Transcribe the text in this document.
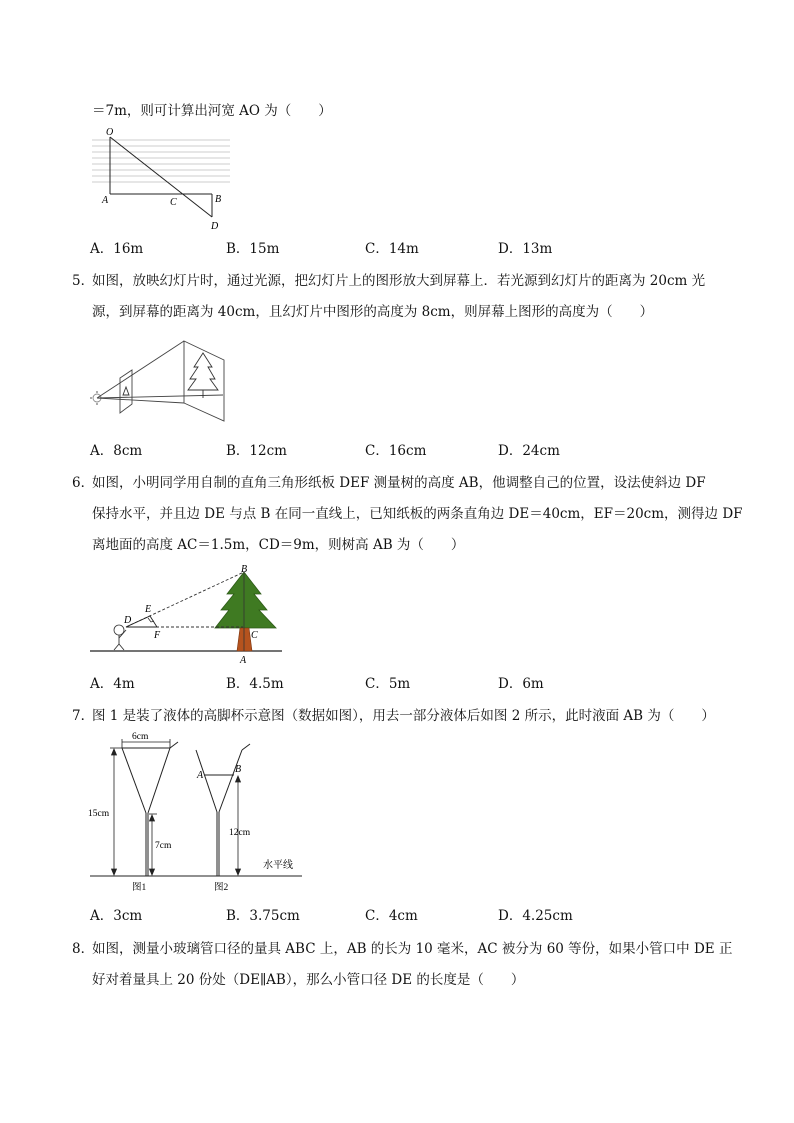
＝7m，则可计算出河宽 AO 为（　　）
O
A	C	B
D
A．16m	B．15m	C．14m	D．13m
5．
如图，放映幻灯片时，通过光源，把幻灯片上的图形放大到屏幕上．若光源到幻灯片的距离为 20cm 光
源，到屏幕的距离为 40cm，且幻灯片中图形的高度为 8cm，则屏幕上图形的高度为（　　）
A．8cm	B．12cm	C．16cm	D．24cm
6．
如图，小明同学用自制的直角三角形纸板 DEF 测量树的高度 AB，他调整自己的位置，设法使斜边 DF
保持水平，并且边 DE 与点 B 在同一直线上，已知纸板的两条直角边 DE＝40cm，EF＝20cm，测得边 DF
离地面的高度 AC＝1.5m，CD＝9m，则树高 AB 为（　　）
B
E
D
F	C
A
A．4m	B．4.5m	C．5m	D．6m
7．
图 1 是装了液体的高脚杯示意图（数据如图），用去一部分液体后如图 2 所示，此时液面 AB 为（　　）
6cm
15cm
7cm
12cm
A
B
水平线
图1	图2
A．3cm	B．3.75cm	C．4cm	D．4.25cm
8．
如图，测量小玻璃管口径的量具 ABC 上，AB 的长为 10 毫米，AC 被分为 60 等份，如果小管口中 DE 正
好对着量具上 20 份处（DE∥AB），那么小管口径 DE 的长度是（　　）
